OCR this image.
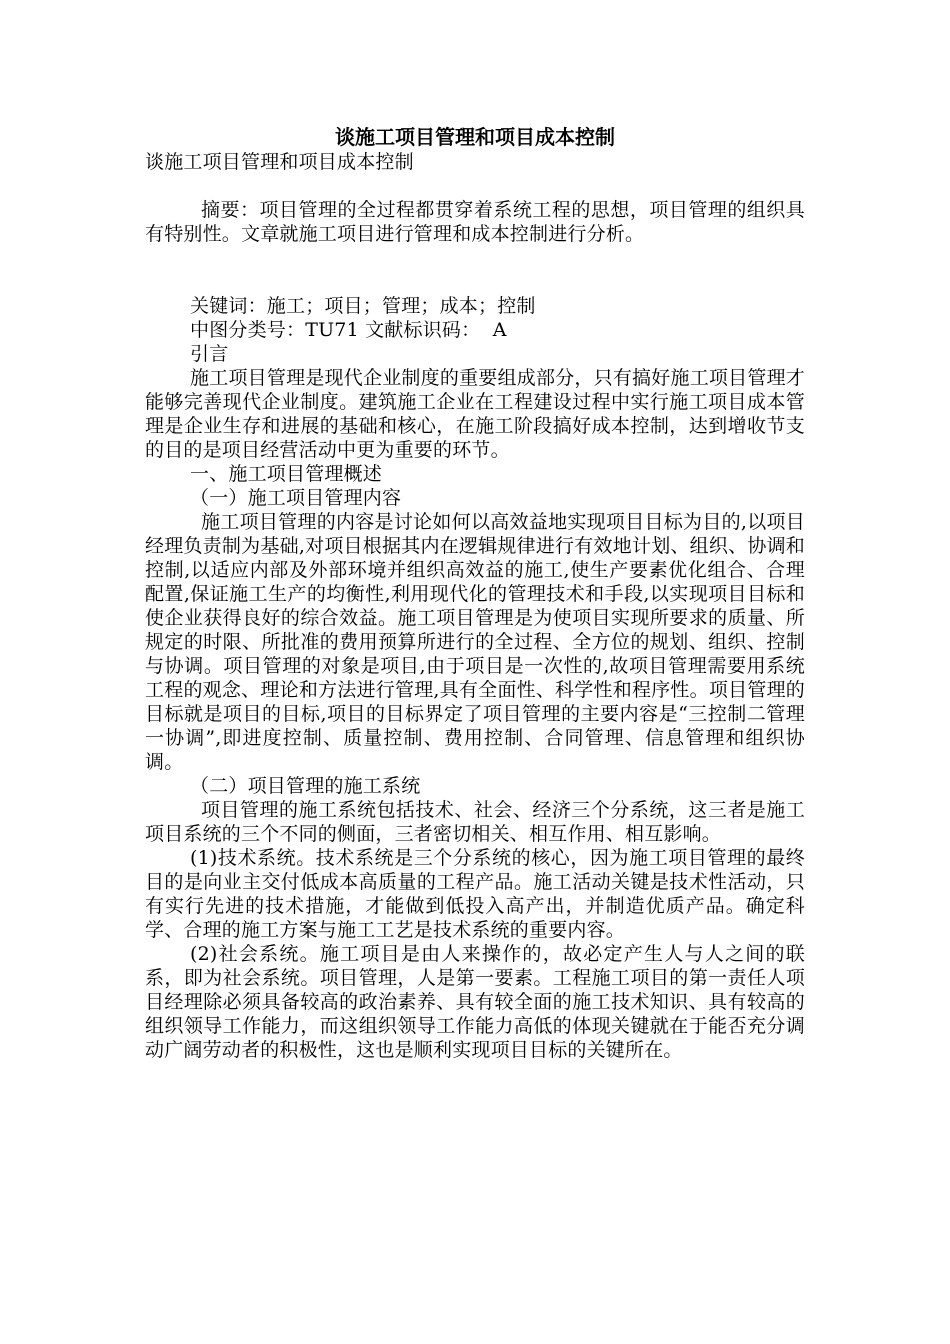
谈施工项目管理和项目成本控制

谈施工项目管理和项目成本控制

摘要：项目管理的全过程都贯穿着系统工程的思想，项目管理的组织具有特别性。文章就施工项目进行管理和成本控制进行分析。

关键词：施工；项目；管理；成本；控制

中图分类号：TU71 文献标识码：  A

引言

施工项目管理是现代企业制度的重要组成部分，只有搞好施工项目管理才能够完善现代企业制度。建筑施工企业在工程建设过程中实行施工项目成本管理是企业生存和进展的基础和核心，在施工阶段搞好成本控制，达到增收节支的目的是项目经营活动中更为重要的环节。

一、施工项目管理概述

（一）施工项目管理内容

施工项目管理的内容是讨论如何以高效益地实现项目目标为目的,以项目经理负责制为基础,对项目根据其内在逻辑规律进行有效地计划、组织、协调和控制,以适应内部及外部环境并组织高效益的施工,使生产要素优化组合、合理配置,保证施工生产的均衡性,利用现代化的管理技术和手段,以实现项目目标和使企业获得良好的综合效益。施工项目管理是为使项目实现所要求的质量、所规定的时限、所批准的费用预算所进行的全过程、全方位的规划、组织、控制与协调。项目管理的对象是项目,由于项目是一次性的,故项目管理需要用系统工程的观念、理论和方法进行管理,具有全面性、科学性和程序性。项目管理的目标就是项目的目标,项目的目标界定了项目管理的主要内容是“三控制二管理一协调”,即进度控制、质量控制、费用控制、合同管理、信息管理和组织协调。

（二）项目管理的施工系统

项目管理的施工系统包括技术、社会、经济三个分系统，这三者是施工项目系统的三个不同的侧面，三者密切相关、相互作用、相互影响。

(1)技术系统。技术系统是三个分系统的核心，因为施工项目管理的最终目的是向业主交付低成本高质量的工程产品。施工活动关键是技术性活动，只有实行先进的技术措施，才能做到低投入高产出，并制造优质产品。确定科学、合理的施工方案与施工工艺是技术系统的重要内容。

(2)社会系统。施工项目是由人来操作的，故必定产生人与人之间的联系，即为社会系统。项目管理，人是第一要素。工程施工项目的第一责任人项目经理除必须具备较高的政治素养、具有较全面的施工技术知识、具有较高的组织领导工作能力，而这组织领导工作能力高低的体现关键就在于能否充分调动广阔劳动者的积极性，这也是顺利实现项目目标的关键所在。
